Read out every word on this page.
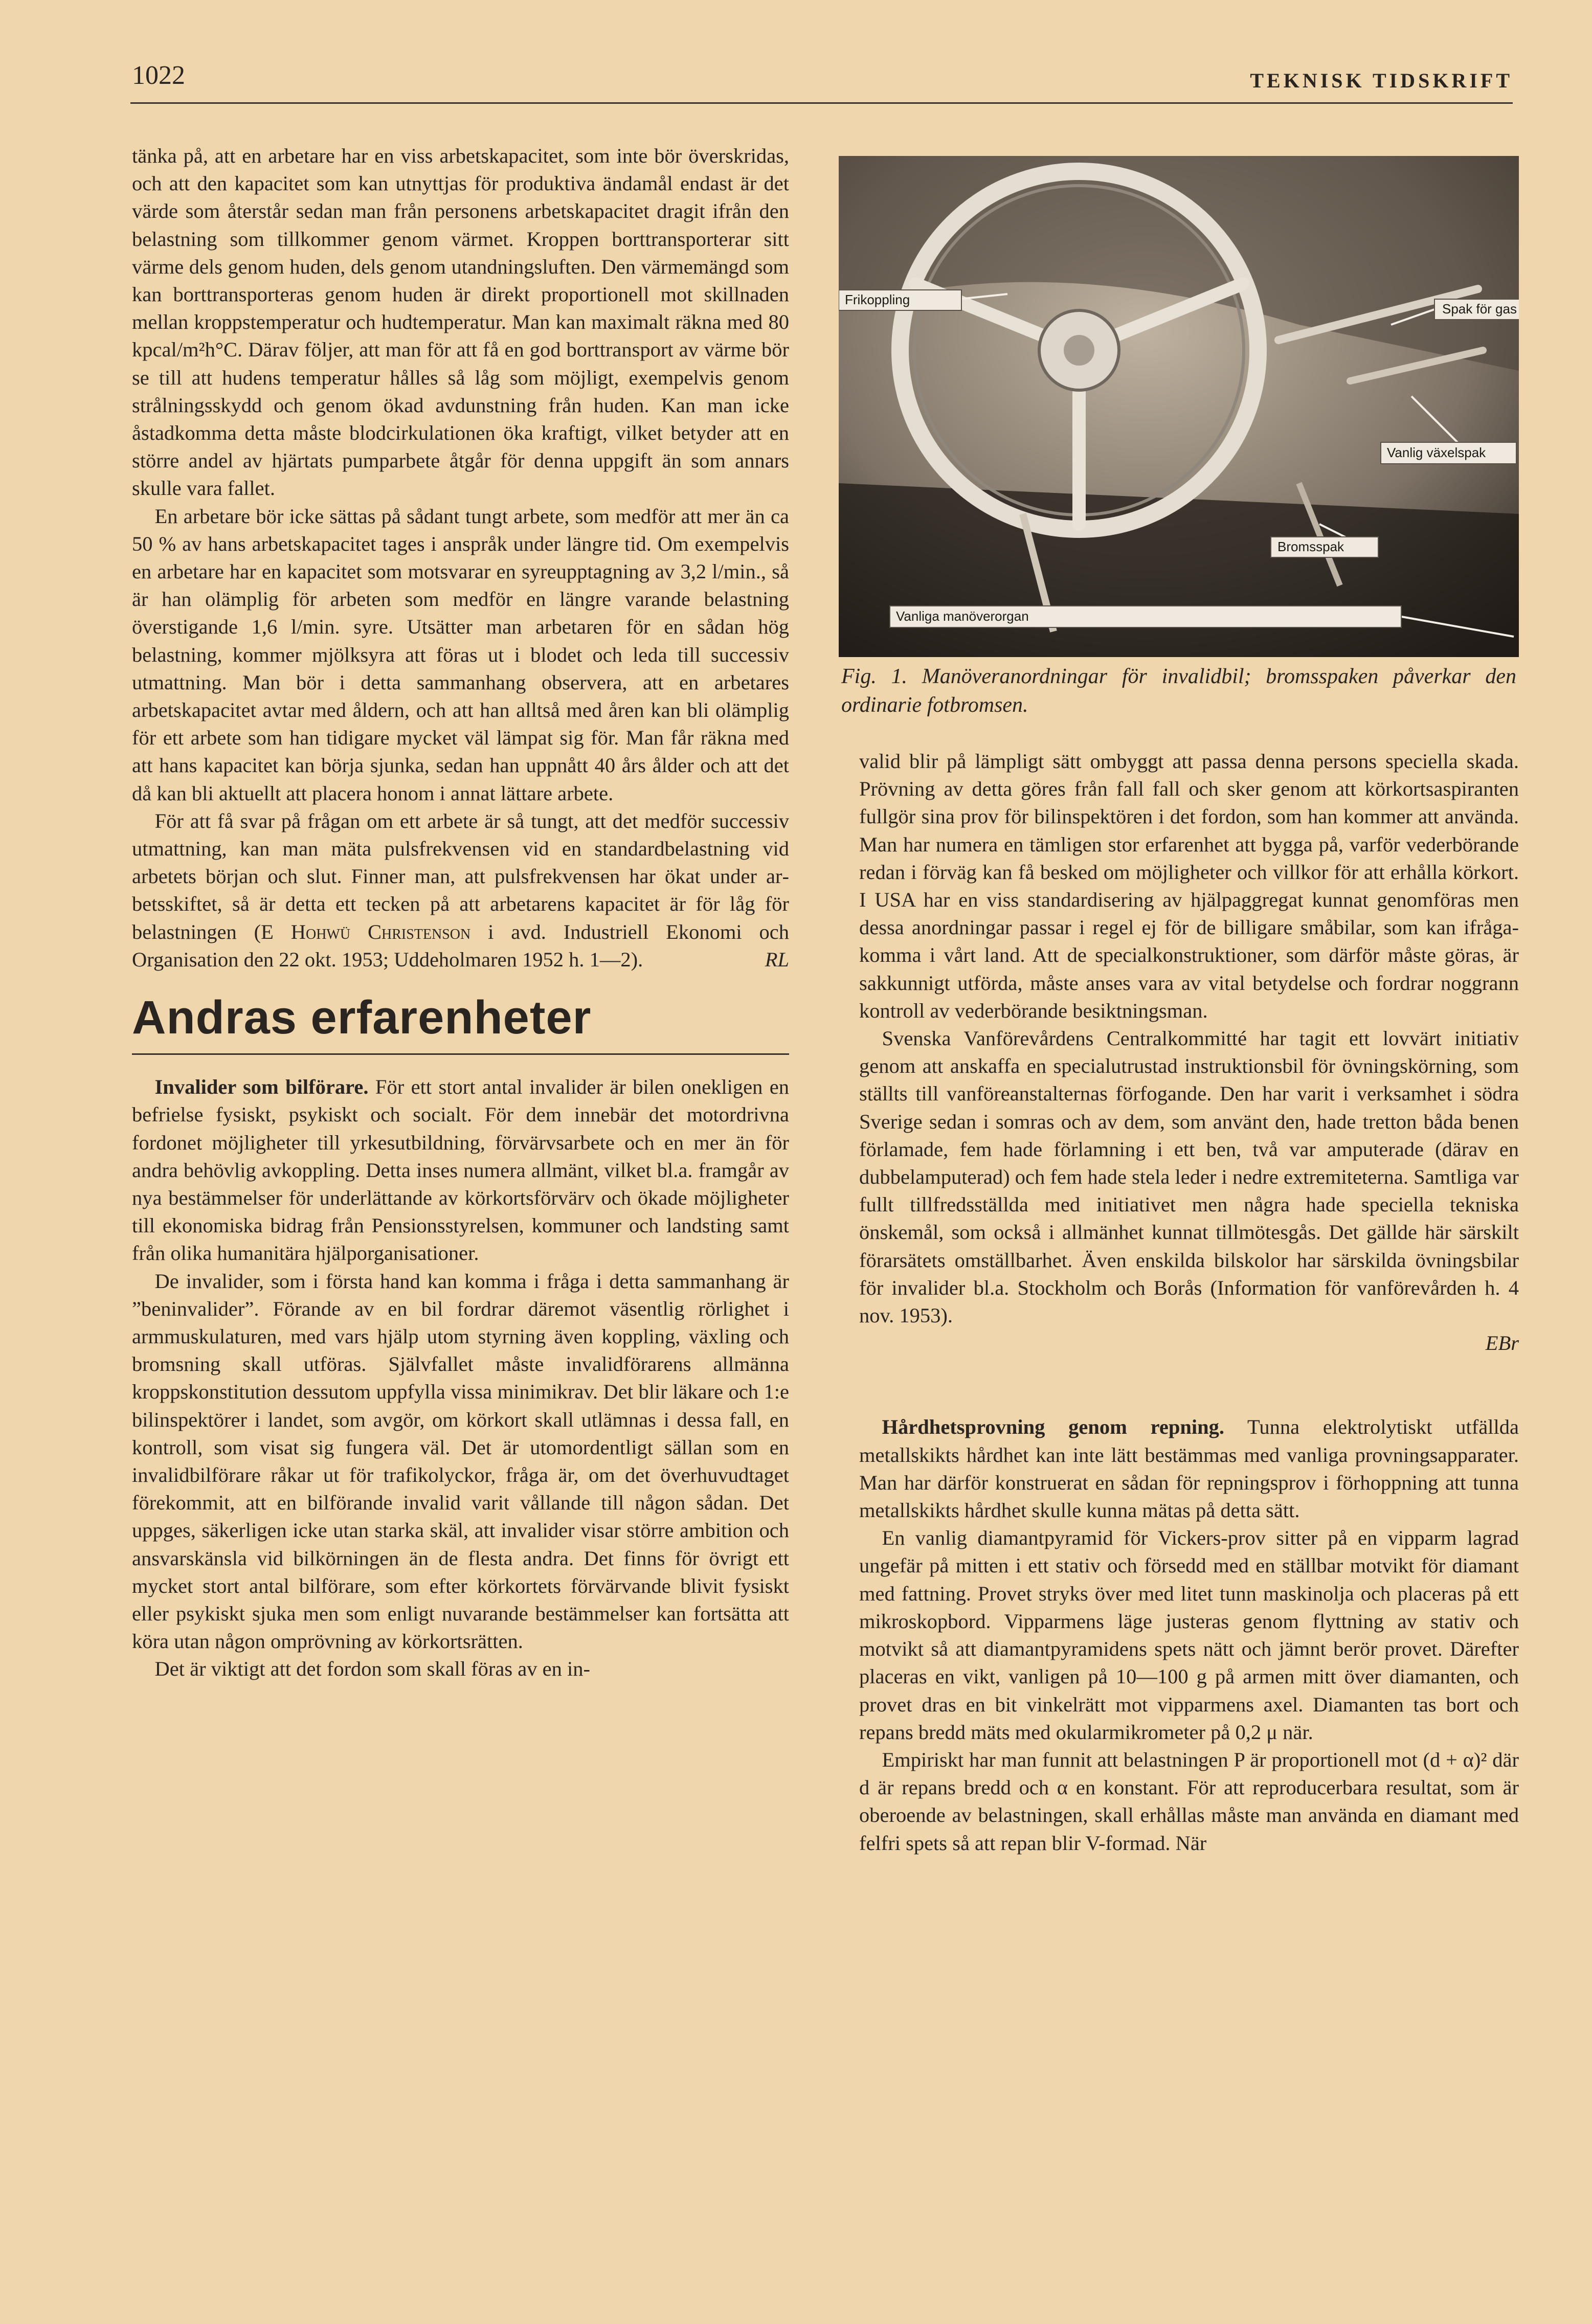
1022	TEKNISK TIDSKRIFT

tänka på, att en arbetare har en viss arbetskapacitet, som inte bör överskridas, och att den kapacitet som kan utnyttjas för produktiva ändamål endast är det värde som återstår sedan man från personens arbetskapacitet dragit ifrån den belastning som tillkommer genom värmet. Kroppen borttransporterar sitt värme dels genom huden, dels genom utandningsluften. Den värmemängd som kan borttransporteras genom huden är direkt proportionell mot skillnaden mellan kroppstemperatur och hudtemperatur. Man kan maximalt räkna med 80 kpcal/m²h°C. Därav följer, att man för att få en god borttransport av värme bör se till att hudens temperatur hålles så låg som möjligt, exempelvis genom strålningsskydd och genom ökad avdunstning från huden. Kan man icke åstadkomma detta måste blodcirkulationen öka kraftigt, vilket betyder att en större andel av hjärtats pumparbete åtgår för denna uppgift än som annars skulle vara fallet.

En arbetare bör icke sättas på sådant tungt arbete, som medför att mer än ca 50 % av hans arbetskapacitet tages i anspråk under längre tid. Om exempelvis en arbetare har en kapacitet som motsvarar en syreupptagning av 3,2 l/min., så är han olämplig för arbeten som medför en längre varande belastning överstigande 1,6 l/min. syre. Utsätter man arbetaren för en sådan hög belastning, kommer mjölksyra att föras ut i blodet och leda till successiv utmattning. Man bör i detta sammanhang observera, att en arbetares arbetskapacitet avtar med åldern, och att han alltså med åren kan bli olämplig för ett arbete som han tidigare mycket väl lämpat sig för. Man får räkna med att hans kapacitet kan börja sjunka, sedan han uppnått 40 års ålder och att det då kan bli aktuellt att placera honom i annat lättare arbete.

För att få svar på frågan om ett arbete är så tungt, att det medför successiv utmattning, kan man mäta pulsfrekvensen vid en standardbelastning vid arbetets början och slut. Finner man, att pulsfrekvensen har ökat under arbetsskiftet, så är detta ett tecken på att arbetarens kapacitet är för låg för belastningen (E Hohwü Christenson i avd. Industriell Ekonomi och Organisation den 22 okt. 1953; Uddeholmaren 1952 h. 1—2).	RL

Andras erfarenheter

Invalider som bilförare. För ett stort antal invalider är bilen onekligen en befrielse fysiskt, psykiskt och socialt. För dem innebär det motordrivna fordonet möjligheter till yrkesutbildning, förvärvsarbete och en mer än för andra behövlig avkoppling. Detta inses numera allmänt, vilket bl.a. framgår av nya bestämmelser för underlättande av körkortsförvärv och ökade möjligheter till ekonomiska bidrag från Pensionsstyrelsen, kommuner och landsting samt från olika humanitära hjälporganisationer.

De invalider, som i första hand kan komma i fråga i detta sammanhang är ”beninvalider”. Förande av en bil fordrar däremot väsentlig rörlighet i armmuskulaturen, med vars hjälp utom styrning även koppling, växling och bromsning skall utföras. Självfallet måste invalidförarens allmänna kroppskonstitution dessutom uppfylla vissa minimikrav. Det blir läkare och 1:e bilinspektörer i landet, som avgör, om körkort skall utlämnas i dessa fall, en kontroll, som visat sig fungera väl. Det är utomordentligt sällan som en invalidbilförare råkar ut för trafikolyckor, fråga är, om det överhuvudtaget förekommit, att en bilförande invalid varit vållande till någon sådan. Det uppges, säkerligen icke utan starka skäl, att invalider visar större ambition och ansvarskänsla vid bilkörningen än de flesta andra. Det finns för övrigt ett mycket stort antal bilförare, som efter körkortets förvärvande blivit fysiskt eller psykiskt sjuka men som enligt nuvarande bestämmelser kan fortsätta att köra utan någon omprövning av körkortsrätten.

Det är viktigt att det fordon som skall föras av en in-

Frikoppling
Spak för gas
Vanlig växelspak
Bromsspak
Vanliga manöverorgan
Fig. 1. Manöveranordningar för invalidbil; bromsspaken påverkar den ordinarie fotbromsen.

valid blir på lämpligt sätt ombyggt att passa denna persons speciella skada. Prövning av detta göres från fall fall och sker genom att körkortsaspiranten fullgör sina prov för bilinspektören i det fordon, som han kommer att använda. Man har numera en tämligen stor erfarenhet att bygga på, varför vederbörande redan i förväg kan få besked om möjligheter och villkor för att erhålla körkort. I USA har en viss standardisering av hjälpaggregat kunnat genomföras men dessa anordningar passar i regel ej för de billigare småbilar, som kan ifrågakomma i vårt land. Att de specialkonstruktioner, som därför måste göras, är sakkunnigt utförda, måste anses vara av vital betydelse och fordrar noggrann kontroll av vederbörande besiktningsman.

Svenska Vanförevårdens Centralkommitté har tagit ett lovvärt initiativ genom att anskaffa en specialutrustad instruktionsbil för övningskörning, som ställts till vanföreanstalternas förfogande. Den har varit i verksamhet i södra Sverige sedan i somras och av dem, som använt den, hade tretton båda benen förlamade, fem hade förlamning i ett ben, två var amputerade (därav en dubbelamputerad) och fem hade stela leder i nedre extremiteterna. Samtliga var fullt tillfredsställda med initiativet men några hade speciella tekniska önskemål, som också i allmänhet kunnat tillmötesgås. Det gällde här särskilt förarsätets omställbarhet. Även enskilda bilskolor har särskilda övningsbilar för invalider bl.a. Stockholm och Borås (Information för vanförevården h. 4 nov. 1953).

EBr

Hårdhetsprovning genom repning. Tunna elektrolytiskt utfällda metallskikts hårdhet kan inte lätt bestämmas med vanliga provningsapparater. Man har därför konstruerat en sådan för repningsprov i förhoppning att tunna metallskikts hårdhet skulle kunna mätas på detta sätt.

En vanlig diamantpyramid för Vickers-prov sitter på en vipparm lagrad ungefär på mitten i ett stativ och försedd med en ställbar motvikt för diamant med fattning. Provet stryks över med litet tunn maskinolja och placeras på ett mikroskopbord. Vipparmens läge justeras genom flyttning av stativ och motvikt så att diamantpyramidens spets nätt och jämnt berör provet. Därefter placeras en vikt, vanligen på 10—100 g på armen mitt över diamanten, och provet dras en bit vinkelrätt mot vipparmens axel. Diamanten tas bort och repans bredd mäts med okularmikrometer på 0,2 μ när.

Empiriskt har man funnit att belastningen P är proportionell mot (d + α)² där d är repans bredd och α en konstant. För att reproducerbara resultat, som är oberoende av belastningen, skall erhållas måste man använda en diamant med felfri spets så att repan blir V-formad. När
